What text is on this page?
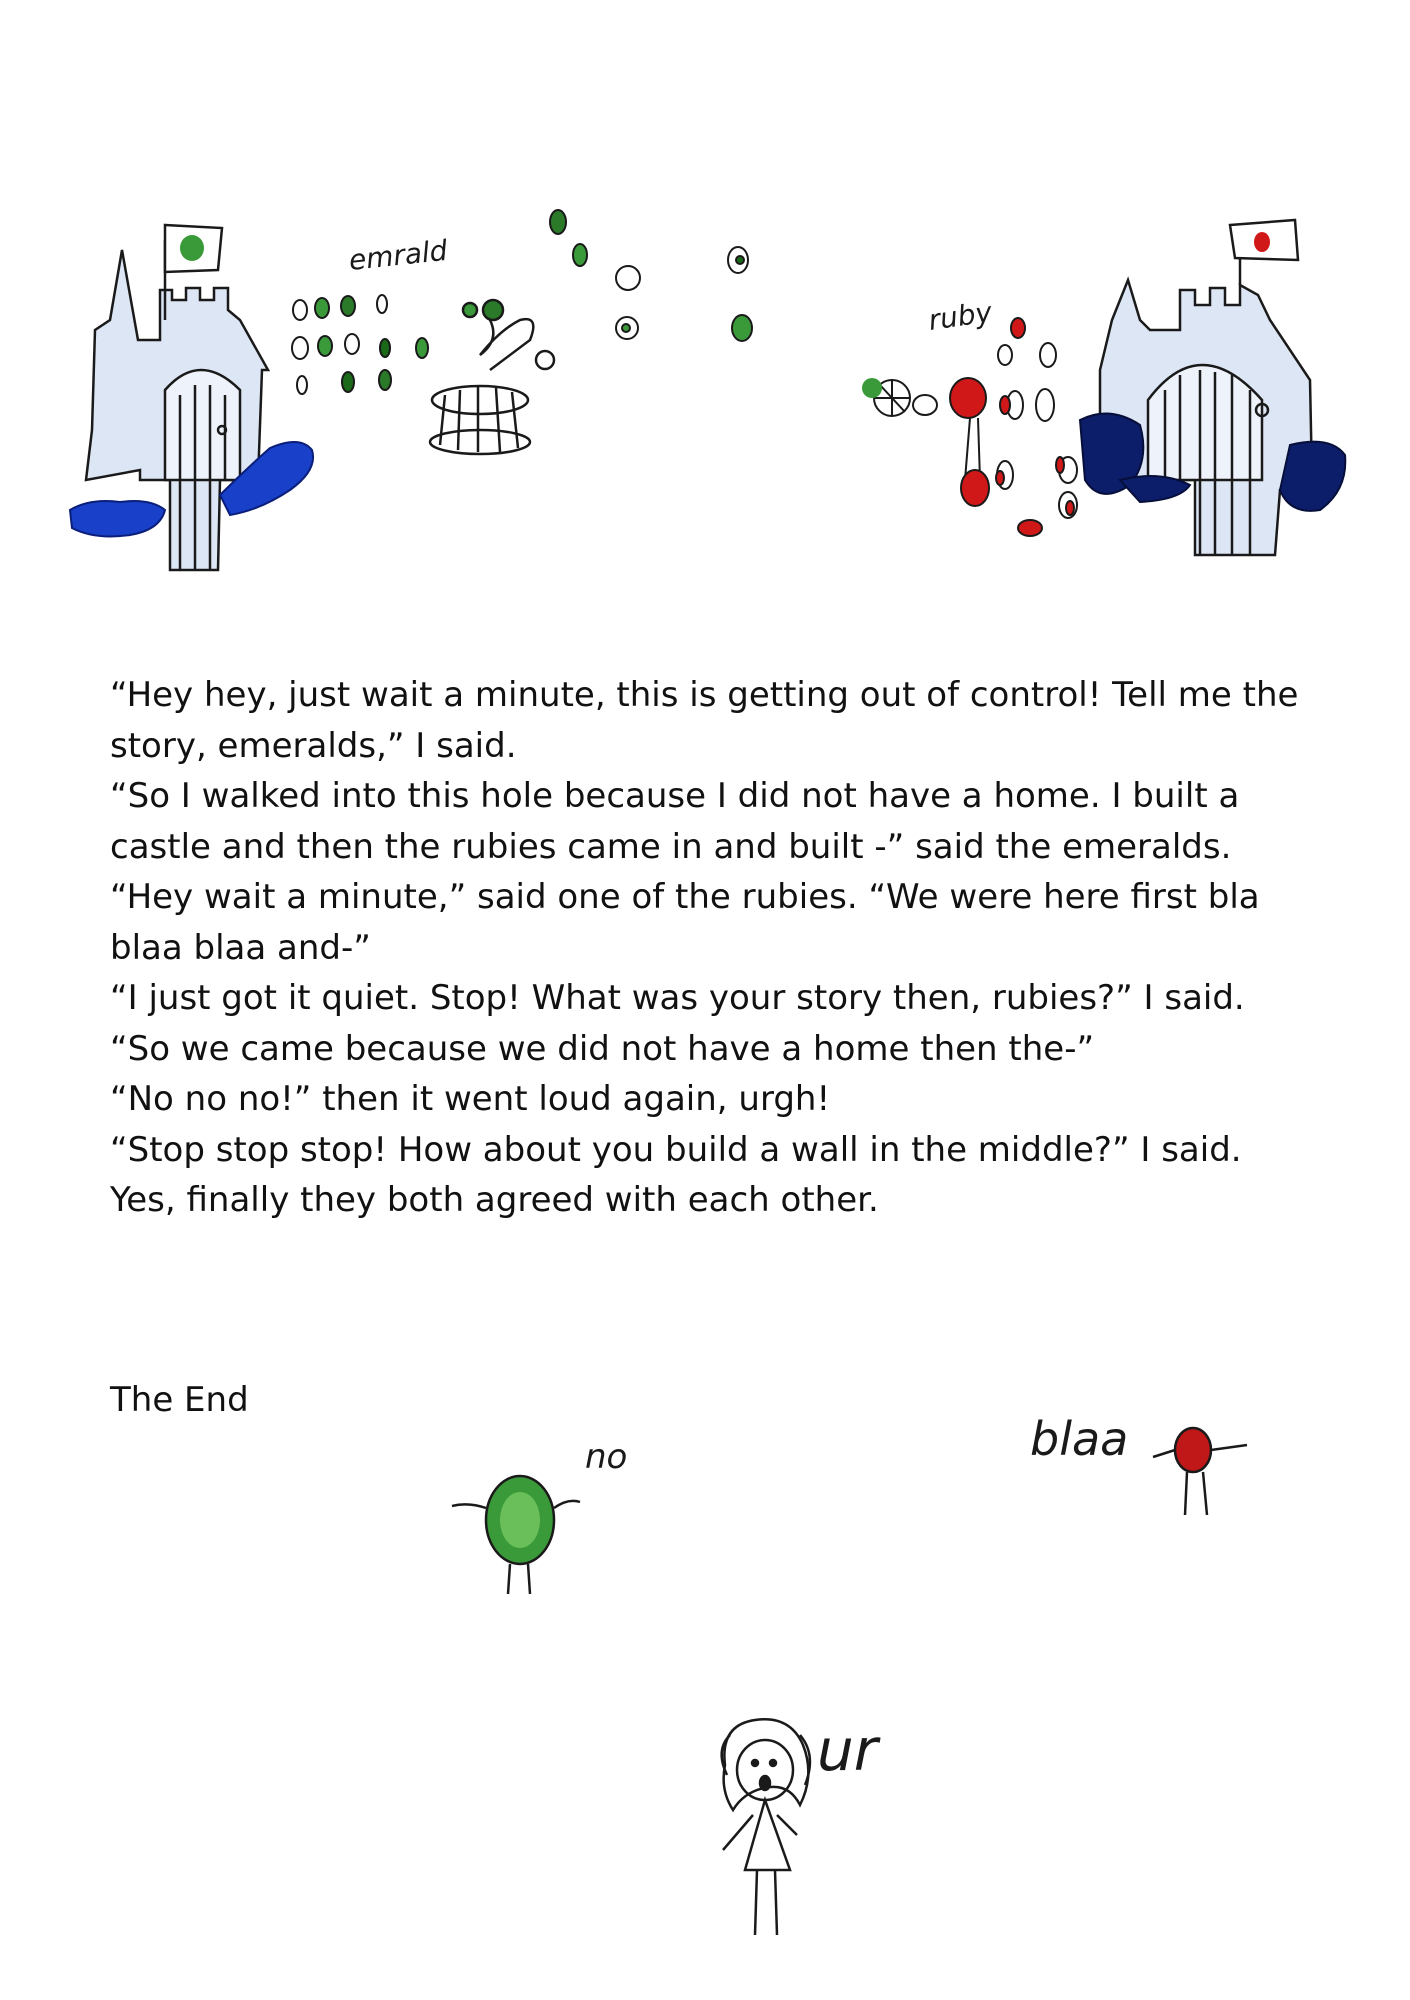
emrald
ruby

“Hey hey, just wait a minute, this is getting out of control! Tell me the story, emeralds,” I said.

“So I walked into this hole because I did not have a home. I built a castle and then the rubies came in and built -” said the emeralds.

“Hey wait a minute,” said one of the rubies. “We were here first bla blaa blaa and-”

“I just got it quiet. Stop! What was your story then, rubies?” I said.

“So we came because we did not have a home then the-”

“No no no!” then it went loud again, urgh!

“Stop stop stop! How about you build a wall in the middle?” I said.

Yes, finally they both agreed with each other.

The End
no	blaa
ur
